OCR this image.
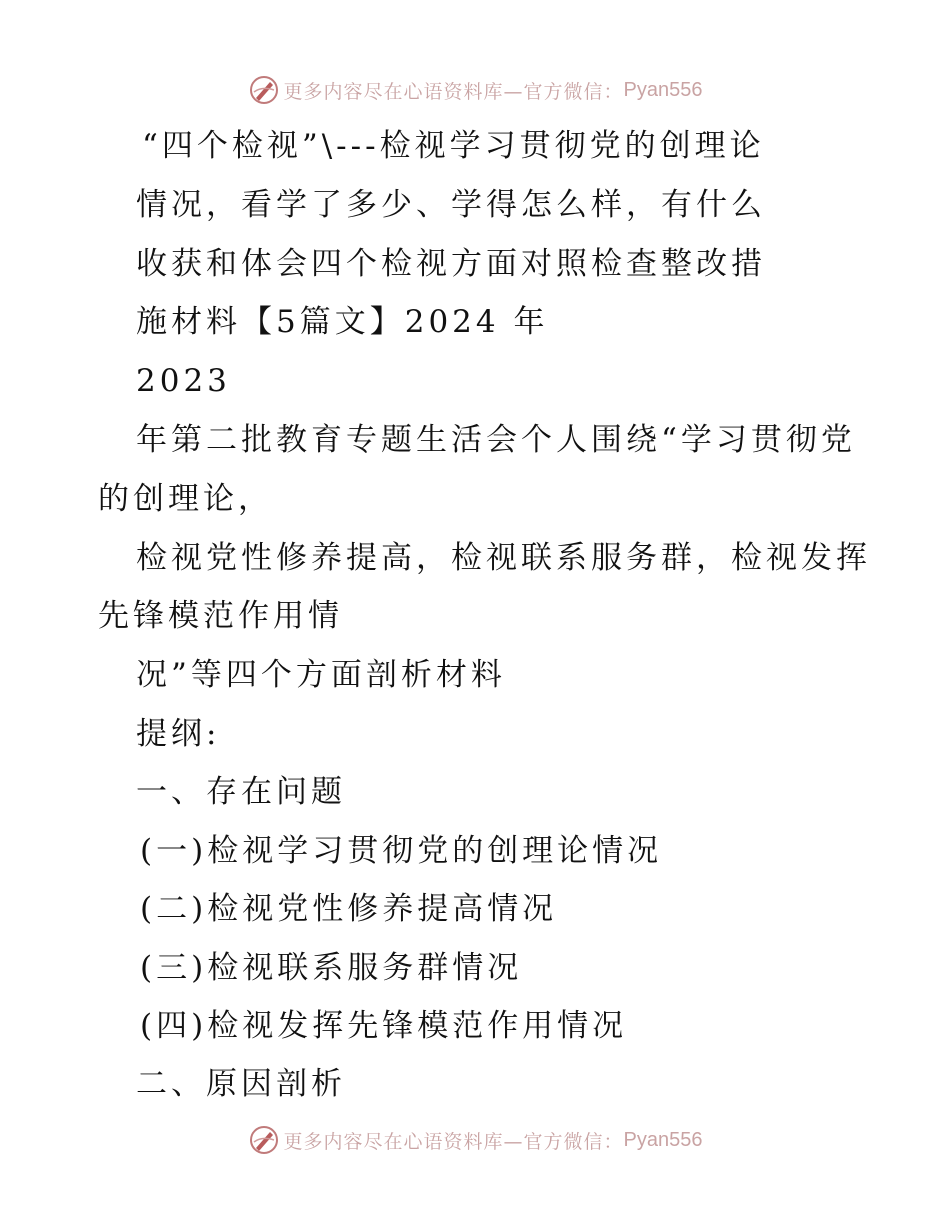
更多内容尽在心语资料库—官方微信： Pyan556
“四个检视”\---检视学习贯彻党的创理论
情况，看学了多少、学得怎么样，有什么
收获和体会四个检视方面对照检查整改措
施材料【5篇文】2024 年
2023
年第二批教育专题生活会个人围绕“学习贯彻党
的创理论，
检视党性修养提高，检视联系服务群，检视发挥
先锋模范作用情
况”等四个方面剖析材料
提纲:
一、存在问题
(一)检视学习贯彻党的创理论情况
(二)检视党性修养提高情况
(三)检视联系服务群情况
(四)检视发挥先锋模范作用情况
二、原因剖析
更多内容尽在心语资料库—官方微信： Pyan556
